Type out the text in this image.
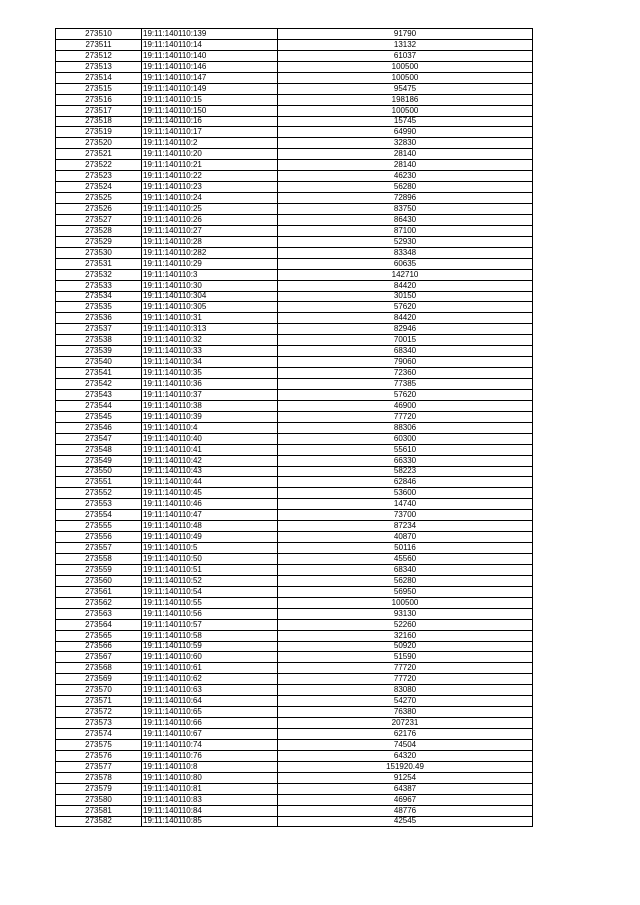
273510	19:11:140110:139	91790
273511	19:11:140110:14	13132
273512	19:11:140110:140	61037
273513	19:11:140110:146	100500
273514	19:11:140110:147	100500
273515	19:11:140110:149	95475
273516	19:11:140110:15	198186
273517	19:11:140110:150	100500
273518	19:11:140110:16	15745
273519	19:11:140110:17	64990
273520	19:11:140110:2	32830
273521	19:11:140110:20	28140
273522	19:11:140110:21	28140
273523	19:11:140110:22	46230
273524	19:11:140110:23	56280
273525	19:11:140110:24	72896
273526	19:11:140110:25	83750
273527	19:11:140110:26	86430
273528	19:11:140110:27	87100
273529	19:11:140110:28	52930
273530	19:11:140110:282	83348
273531	19:11:140110:29	60635
273532	19:11:140110:3	142710
273533	19:11:140110:30	84420
273534	19:11:140110:304	30150
273535	19:11:140110:305	57620
273536	19:11:140110:31	84420
273537	19:11:140110:313	82946
273538	19:11:140110:32	70015
273539	19:11:140110:33	68340
273540	19:11:140110:34	79060
273541	19:11:140110:35	72360
273542	19:11:140110:36	77385
273543	19:11:140110:37	57620
273544	19:11:140110:38	46900
273545	19:11:140110:39	77720
273546	19:11:140110:4	88306
273547	19:11:140110:40	60300
273548	19:11:140110:41	55610
273549	19:11:140110:42	66330
273550	19:11:140110:43	58223
273551	19:11:140110:44	62846
273552	19:11:140110:45	53600
273553	19:11:140110:46	14740
273554	19:11:140110:47	73700
273555	19:11:140110:48	87234
273556	19:11:140110:49	40870
273557	19:11:140110:5	50116
273558	19:11:140110:50	45560
273559	19:11:140110:51	68340
273560	19:11:140110:52	56280
273561	19:11:140110:54	56950
273562	19:11:140110:55	100500
273563	19:11:140110:56	93130
273564	19:11:140110:57	52260
273565	19:11:140110:58	32160
273566	19:11:140110:59	50920
273567	19:11:140110:60	51590
273568	19:11:140110:61	77720
273569	19:11:140110:62	77720
273570	19:11:140110:63	83080
273571	19:11:140110:64	54270
273572	19:11:140110:65	76380
273573	19:11:140110:66	207231
273574	19:11:140110:67	62176
273575	19:11:140110:74	74504
273576	19:11:140110:76	64320
273577	19:11:140110:8	151920.49
273578	19:11:140110:80	91254
273579	19:11:140110:81	64387
273580	19:11:140110:83	46967
273581	19:11:140110:84	48776
273582	19:11:140110:85	42545
